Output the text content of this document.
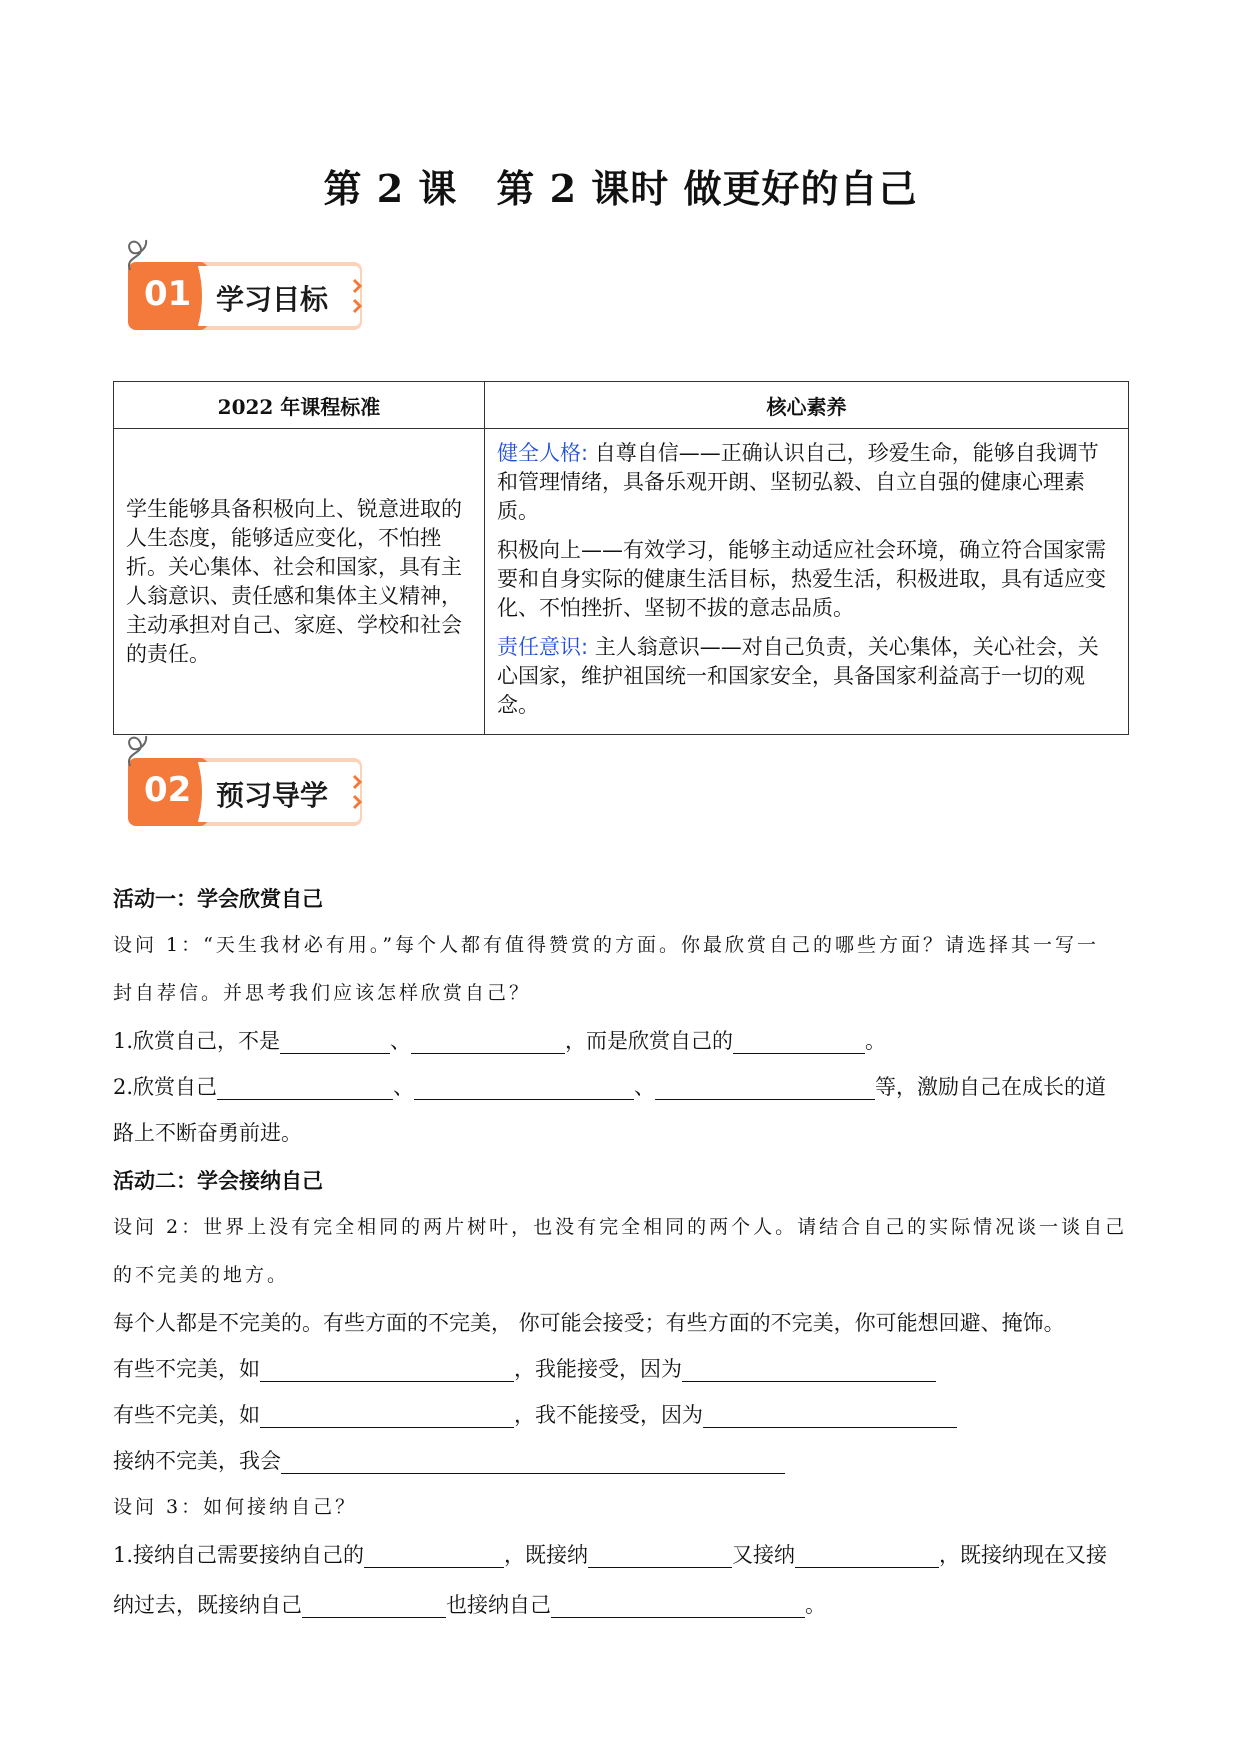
第 2 课　第 2 课时 做更好的自己
01 学习目标
2022 年课程标准	核心素养
学生能够具备积极向上、锐意进取的人生态度，能够适应变化，不怕挫折。关心集体、社会和国家，具有主人翁意识、责任感和集体主义精神，主动承担对自己、家庭、学校和社会的责任。	健全人格: 自尊自信——正确认识自己，珍爱生命，能够自我调节和管理情绪，具备乐观开朗、坚韧弘毅、自立自强的健康心理素质。

积极向上——有效学习，能够主动适应社会环境，确立符合国家需要和自身实际的健康生活目标，热爱生活，积极进取，具有适应变化、不怕挫折、坚韧不拔的意志品质。

责任意识: 主人翁意识——对自己负责，关心集体，关心社会，关心国家，维护祖国统一和国家安全，具备国家利益高于一切的观念。

02 预习导学
活动一：学会欣赏自己
设问 1：“天生我材必有用。”每个人都有值得赞赏的方面。你最欣赏自己的哪些方面？请选择其一写一
封自荐信。并思考我们应该怎样欣赏自己？
1.欣赏自己，不是	、	，而是欣赏自己的	。
2.欣赏自己	、	、	等，激励自己在成长的道
路上不断奋勇前进。
活动二：学会接纳自己
设问 2：世界上没有完全相同的两片树叶，也没有完全相同的两个人。请结合自己的实际情况谈一谈自己
的不完美的地方。
每个人都是不完美的。有些方面的不完美， 你可能会接受；有些方面的不完美，你可能想回避、掩饰。
有些不完美，如	，我能接受，因为
有些不完美，如	，我不能接受，因为
接纳不完美，我会
设问 3：如何接纳自己？
1.接纳自己需要接纳自己的	，既接纳	又接纳	，既接纳现在又接
纳过去，既接纳自己	也接纳自己	。
